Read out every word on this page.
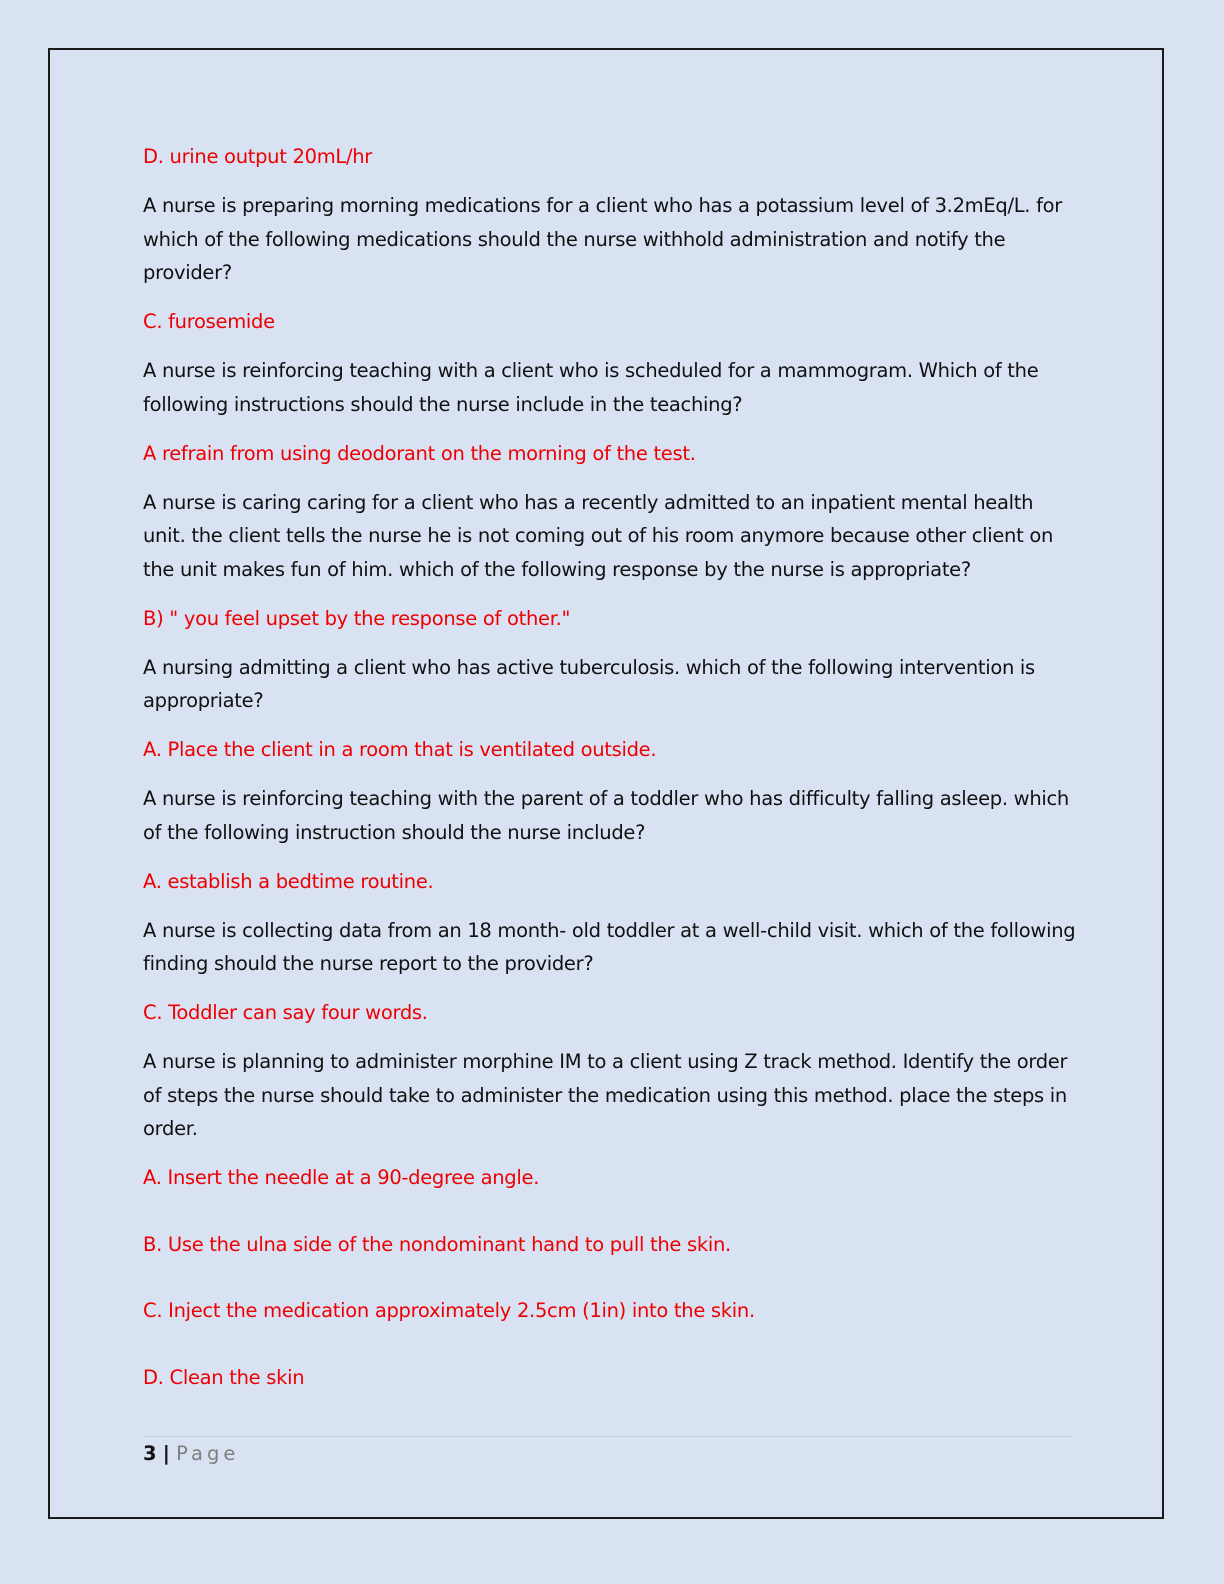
D. urine output 20mL/hr

A nurse is preparing morning medications for a client who has a potassium level of 3.2mEq/L. for which of the following medications should the nurse withhold administration and notify the provider?

C. furosemide

A nurse is reinforcing teaching with a client who is scheduled for a mammogram. Which of the following instructions should the nurse include in the teaching?

A refrain from using deodorant on the morning of the test.

A nurse is caring caring for a client who has a recently admitted to an inpatient mental health unit. the client tells the nurse he is not coming out of his room anymore because other client on the unit makes fun of him. which of the following response by the nurse is appropriate?

B) " you feel upset by the response of other."

A nursing admitting a client who has active tuberculosis. which of the following intervention is appropriate?

A. Place the client in a room that is ventilated outside.

A nurse is reinforcing teaching with the parent of a toddler who has difficulty falling asleep. which of the following instruction should the nurse include?

A. establish a bedtime routine.

A nurse is collecting data from an 18 month- old toddler at a well-child visit. which of the following finding should the nurse report to the provider?

C. Toddler can say four words.

A nurse is planning to administer morphine IM to a client using Z track method. Identify the order of steps the nurse should take to administer the medication using this method. place the steps in order.

A. Insert the needle at a 90-degree angle.

B. Use the ulna side of the nondominant hand to pull the skin.

C. Inject the medication approximately 2.5cm (1in) into the skin.

D. Clean the skin

3 | Page
